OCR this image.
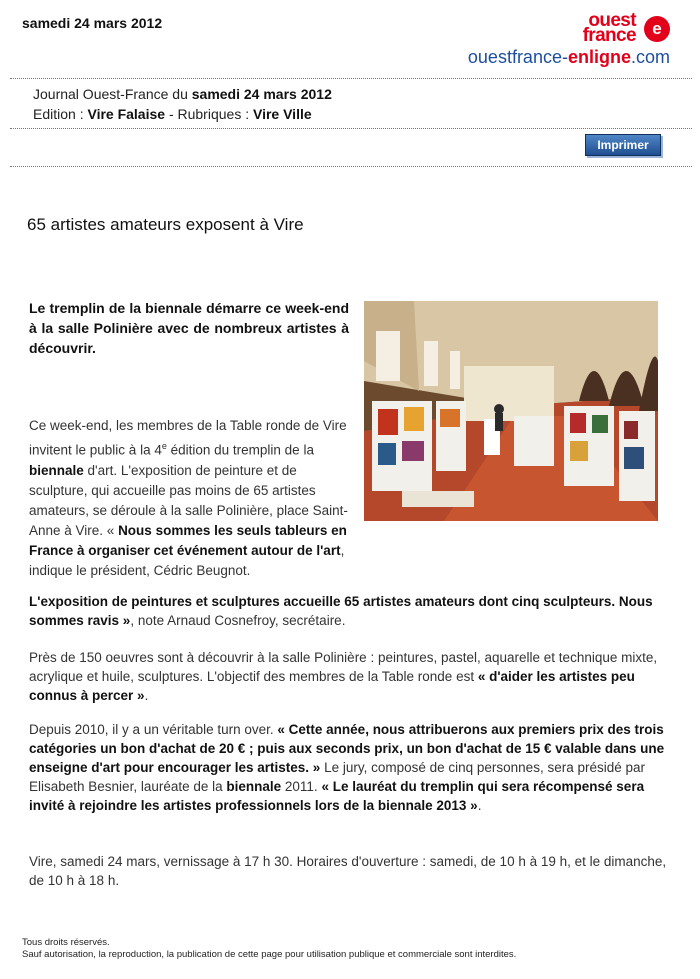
samedi 24 mars 2012	ouest
france e
ouestfrance-enligne.com
Journal Ouest-France du samedi 24 mars 2012
Edition : Vire Falaise - Rubriques : Vire Ville
Imprimer
65 artistes amateurs exposent à Vire

Le tremplin de la biennale démarre ce week-end à la salle Polinière avec de nombreux artistes à découvrir.

Ce week-end, les membres de la Table ronde de Vire invitent le public à la 4e édition du tremplin de la biennale d'art. L'exposition de peinture et de sculpture, qui accueille pas moins de 65 artistes amateurs, se déroule à la salle Polinière, place Saint-Anne à Vire. « Nous sommes les seuls tableurs en France à organiser cet événement autour de l'art, indique le président, Cédric Beugnot.

L'exposition de peintures et sculptures accueille 65 artistes amateurs dont cinq sculpteurs. Nous sommes ravis », note Arnaud Cosnefroy, secrétaire.

Près de 150 oeuvres sont à découvrir à la salle Polinière : peintures, pastel, aquarelle et technique mixte, acrylique et huile, sculptures. L'objectif des membres de la Table ronde est « d'aider les artistes peu connus à percer ».

Depuis 2010, il y a un véritable turn over. « Cette année, nous attribuerons aux premiers prix des trois catégories un bon d'achat de 20 € ; puis aux seconds prix, un bon d'achat de 15 € valable dans une enseigne d'art pour encourager les artistes. » Le jury, composé de cinq personnes, sera présidé par Elisabeth Besnier, lauréate de la biennale 2011. « Le lauréat du tremplin qui sera récompensé sera invité à rejoindre les artistes professionnels lors de la biennale 2013 ».

Vire, samedi 24 mars, vernissage à 17 h 30. Horaires d'ouverture : samedi, de 10 h à 19 h, et le dimanche, de 10 h à 18 h.

Tous droits réservés.
Sauf autorisation, la reproduction, la publication de cette page pour utilisation publique et commerciale sont interdites.
